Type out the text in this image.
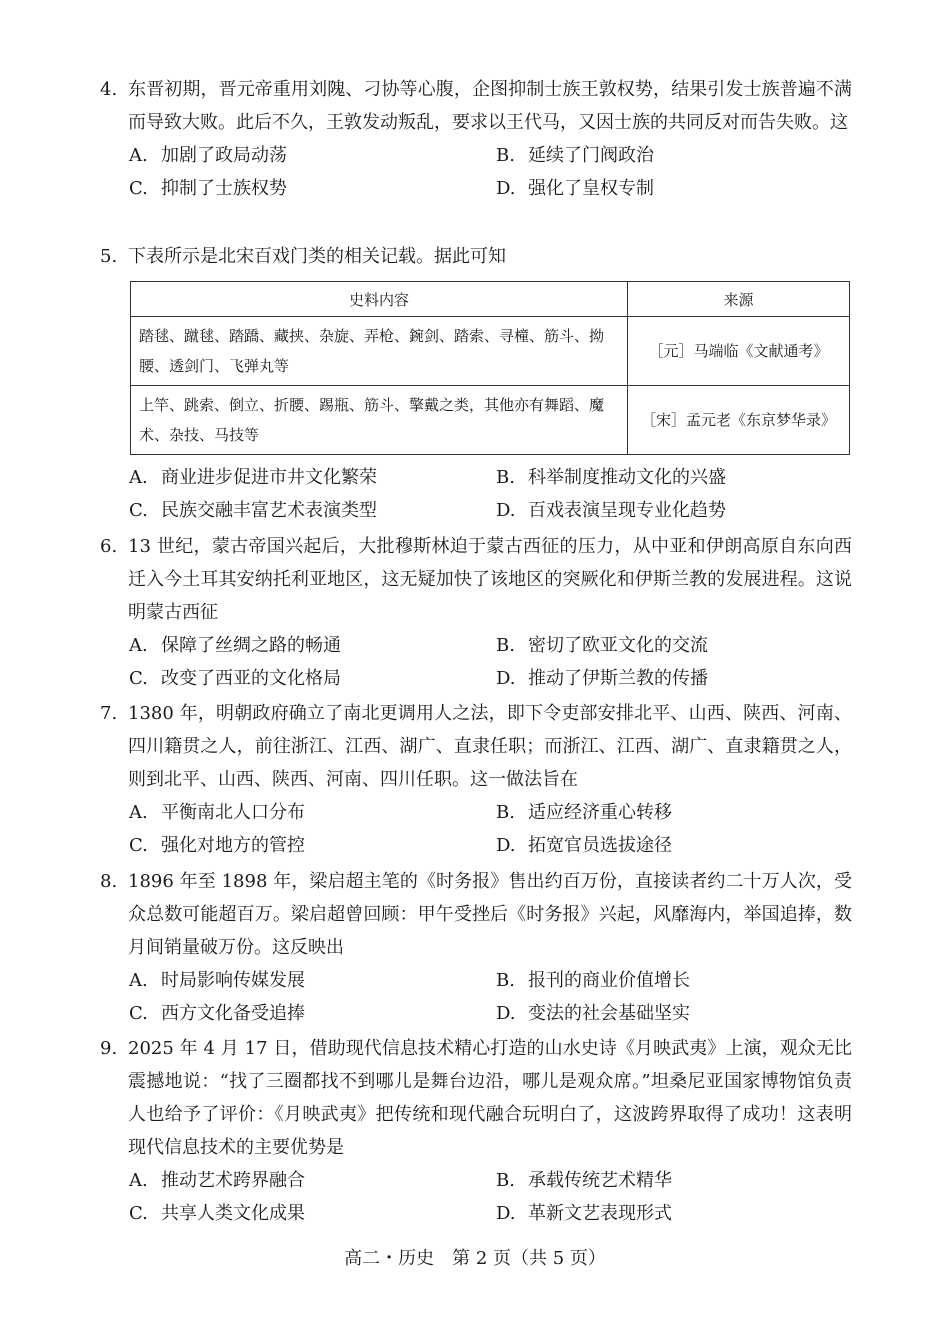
4. 东晋初期，晋元帝重用刘隗、刁协等心腹，企图抑制士族王敦权势，结果引发士族普遍不满而导致大败。此后不久，王敦发动叛乱，要求以王代马，又因士族的共同反对而告失败。这

A. 加剧了政局动荡	B. 延续了门阀政治
C. 抑制了士族权势	D. 强化了皇权专制

5. 下表所示是北宋百戏门类的相关记载。据此可知

史料内容	来源
踏毬、蹴毬、踏蹻、藏挟、杂旋、弄枪、鋺剑、踏索、寻橦、筋斗、拗腰、透剑门、飞弹丸等	［元］马端临《文献通考》
上竿、跳索、倒立、折腰、踢瓶、筋斗、擎戴之类，其他亦有舞蹈、魔术、杂技、马技等	［宋］孟元老《东京梦华录》
A. 商业进步促进市井文化繁荣	B. 科举制度推动文化的兴盛
C. 民族交融丰富艺术表演类型	D. 百戏表演呈现专业化趋势

6. 13 世纪，蒙古帝国兴起后，大批穆斯林迫于蒙古西征的压力，从中亚和伊朗高原自东向西迁入今土耳其安纳托利亚地区，这无疑加快了该地区的突厥化和伊斯兰教的发展进程。这说明蒙古西征

A. 保障了丝绸之路的畅通	B. 密切了欧亚文化的交流
C. 改变了西亚的文化格局	D. 推动了伊斯兰教的传播

7. 1380 年，明朝政府确立了南北更调用人之法，即下令吏部安排北平、山西、陕西、河南、四川籍贯之人，前往浙江、江西、湖广、直隶任职；而浙江、江西、湖广、直隶籍贯之人，则到北平、山西、陕西、河南、四川任职。这一做法旨在

A. 平衡南北人口分布	B. 适应经济重心转移
C. 强化对地方的管控	D. 拓宽官员选拔途径

8. 1896 年至 1898 年，梁启超主笔的《时务报》售出约百万份，直接读者约二十万人次，受众总数可能超百万。梁启超曾回顾：甲午受挫后《时务报》兴起，风靡海内，举国追捧，数月间销量破万份。这反映出

A. 时局影响传媒发展	B. 报刊的商业价值增长
C. 西方文化备受追捧	D. 变法的社会基础坚实

9. 2025 年 4 月 17 日，借助现代信息技术精心打造的山水史诗《月映武夷》上演，观众无比震撼地说：“找了三圈都找不到哪儿是舞台边沿，哪儿是观众席。”坦桑尼亚国家博物馆负责人也给予了评价：《月映武夷》把传统和现代融合玩明白了，这波跨界取得了成功！这表明现代信息技术的主要优势是

A. 推动艺术跨界融合	B. 承载传统艺术精华
C. 共享人类文化成果	D. 革新文艺表现形式
高二・历史　第 2 页（共 5 页）
